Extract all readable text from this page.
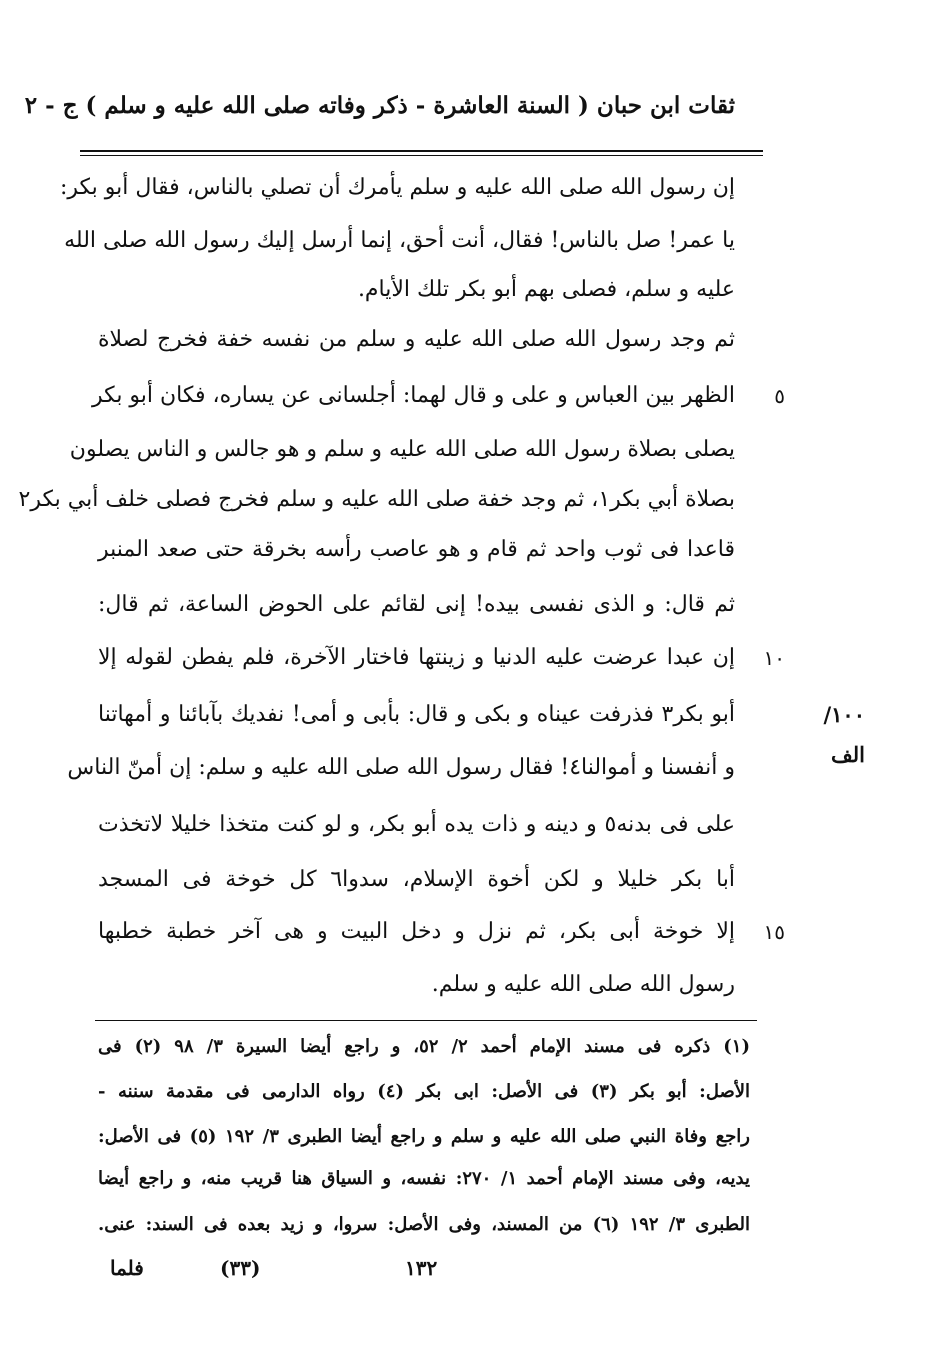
ثقات ابن حبان ( السنة العاشرة - ذكر وفاته صلى الله عليه و سلم ) ج - ٢
إن رسول الله صلى الله عليه و سلم يأمرك أن تصلي بالناس، فقال أبو بكر:
يا عمر! صل بالناس! فقال، أنت أحق، إنما أرسل إليك رسول الله صلى الله
عليه و سلم، فصلى بهم أبو بكر تلك الأيام.
ثم وجد رسول الله صلى الله عليه و سلم من نفسه خفة فخرج لصلاة
الظهر بين العباس و على و قال لهما: أجلسانى عن يساره، فكان أبو بكر
يصلى بصلاة رسول الله صلى الله عليه و سلم و هو جالس و الناس يصلون
بصلاة أبي بكر١، ثم وجد خفة صلى الله عليه و سلم فخرج فصلى خلف أبي بكر٢
قاعدا فى ثوب واحد ثم قام و هو عاصب رأسه بخرقة حتى صعد المنبر
ثم قال: و الذى نفسى بيده! إنى لقائم على الحوض الساعة، ثم قال:
إن عبدا عرضت عليه الدنيا و زينتها فاختار الآخرة، فلم يفطن لقوله إلا
أبو بكر٣ فذرفت عيناه و بكى و قال: بأبى و أمى! نفديك بآبائنا و أمهاتنا
و أنفسنا و أموالنا٤! فقال رسول الله صلى الله عليه و سلم: إن أمنّ الناس
على فى بدنه٥ و دينه و ذات يده أبو بكر، و لو كنت متخذا خليلا لاتخذت
أبا بكر خليلا و لكن أخوة الإسلام، سدوا٦ كل خوخة فى المسجد
إلا خوخة أبى بكر، ثم نزل و دخل البيت و هى آخر خطبة خطبها
رسول الله صلى الله عليه و سلم.
٥
١٠
١٥
١٠٠/الف
(١) ذكره فى مسند الإمام أحمد ٢/ ٥٢، و راجع أيضا السيرة ٣/ ٩٨ (٢) فى
الأصل: أبو بكر (٣) فى الأصل: ابى بكر (٤) رواه الدارمى فى مقدمة سننه -
راجع وفاة النبي صلى الله عليه و سلم و راجع أيضا الطبرى ٣/ ١٩٢ (٥) فى الأصل:
يديه، وفى مسند الإمام أحمد ١/ ٢٧٠: نفسه، و السياق هنا قريب منه، و راجع أيضا
الطبرى ٣/ ١٩٢ (٦) من المسند، وفى الأصل: سروا، و زيد بعده فى السند: عنى.
فلما	(٣٣)	١٣٢
